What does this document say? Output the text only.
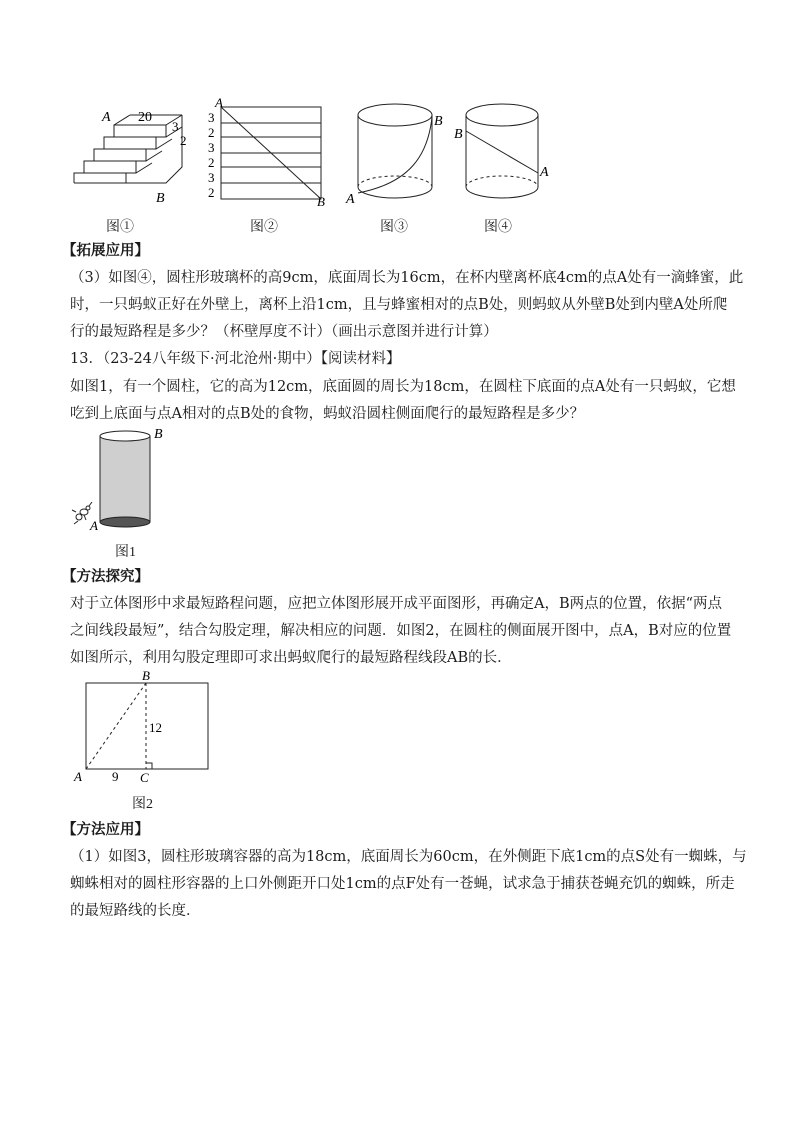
A 20
3
2
B
图①
A
B
3
2
3
2
3
2
图②
B
A
图③
B
A
图④
【拓展应用】
（3）如图④，圆柱形玻璃杯的高9cm，底面周长为16cm，在杯内壁离杯底4cm的点A处有一滴蜂蜜，此
时，一只蚂蚁正好在外壁上，离杯上沿1cm，且与蜂蜜相对的点B处，则蚂蚁从外壁B处到内壁A处所爬
行的最短路程是多少？（杯壁厚度不计）（画出示意图并进行计算）
13．（23-24八年级下·河北沧州·期中）【阅读材料】
如图1，有一个圆柱，它的高为12cm，底面圆的周长为18cm，在圆柱下底面的点A处有一只蚂蚁，它想
吃到上底面与点A相对的点B处的食物，蚂蚁沿圆柱侧面爬行的最短路程是多少？
B
A
图1
【方法探究】
对于立体图形中求最短路程问题，应把立体图形展开成平面图形，再确定A，B两点的位置，依据“两点
之间线段最短”，结合勾股定理，解决相应的问题．如图2，在圆柱的侧面展开图中，点A，B对应的位置
如图所示，利用勾股定理即可求出蚂蚁爬行的最短路程线段AB的长．
B
12
A 9 C
图2
【方法应用】
（1）如图3，圆柱形玻璃容器的高为18cm，底面周长为60cm，在外侧距下底1cm的点S处有一蜘蛛，与
蜘蛛相对的圆柱形容器的上口外侧距开口处1cm的点F处有一苍蝇，试求急于捕获苍蝇充饥的蜘蛛，所走
的最短路线的长度．
